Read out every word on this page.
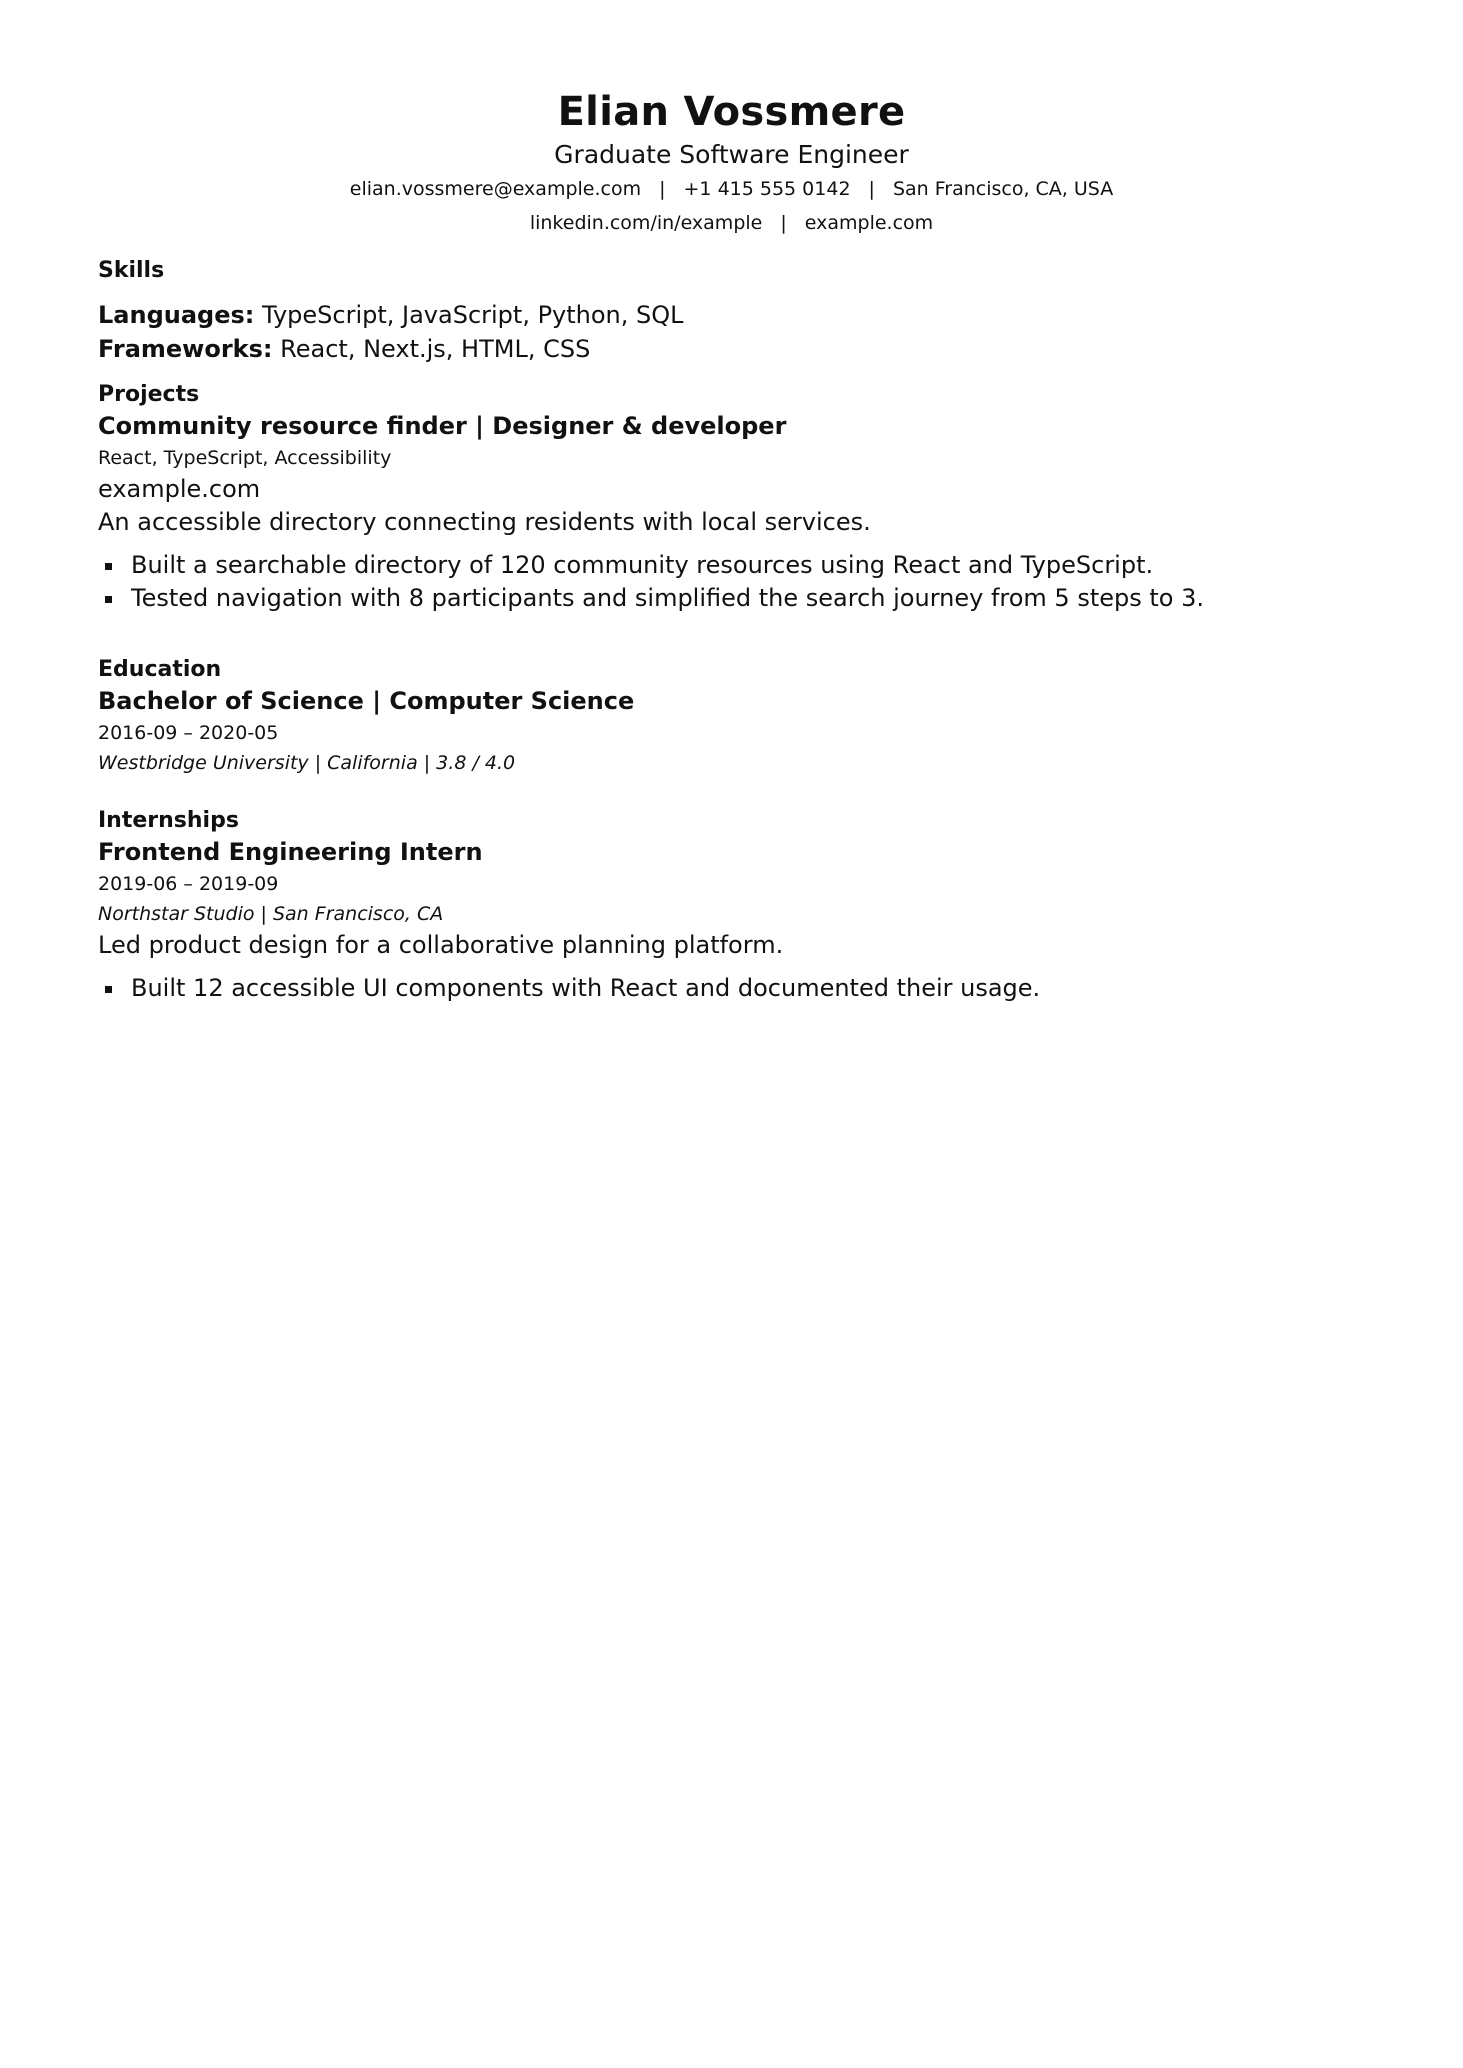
Elian Vossmere
Graduate Software Engineer
elian.vossmere@example.com | +1 415 555 0142 | San Francisco, CA, USA
linkedin.com/in/example | example.com
Skills
Languages: TypeScript, JavaScript, Python, SQL
Frameworks: React, Next.js, HTML, CSS
Projects
Community resource finder | Designer & developer
React, TypeScript, Accessibility
example.com
An accessible directory connecting residents with local services.
Built a searchable directory of 120 community resources using React and TypeScript.
Tested navigation with 8 participants and simplified the search journey from 5 steps to 3.
Education
Bachelor of Science | Computer Science
2016-09 – 2020-05
Westbridge University | California | 3.8 / 4.0
Internships
Frontend Engineering Intern
2019-06 – 2019-09
Northstar Studio | San Francisco, CA
Led product design for a collaborative planning platform.
Built 12 accessible UI components with React and documented their usage.
